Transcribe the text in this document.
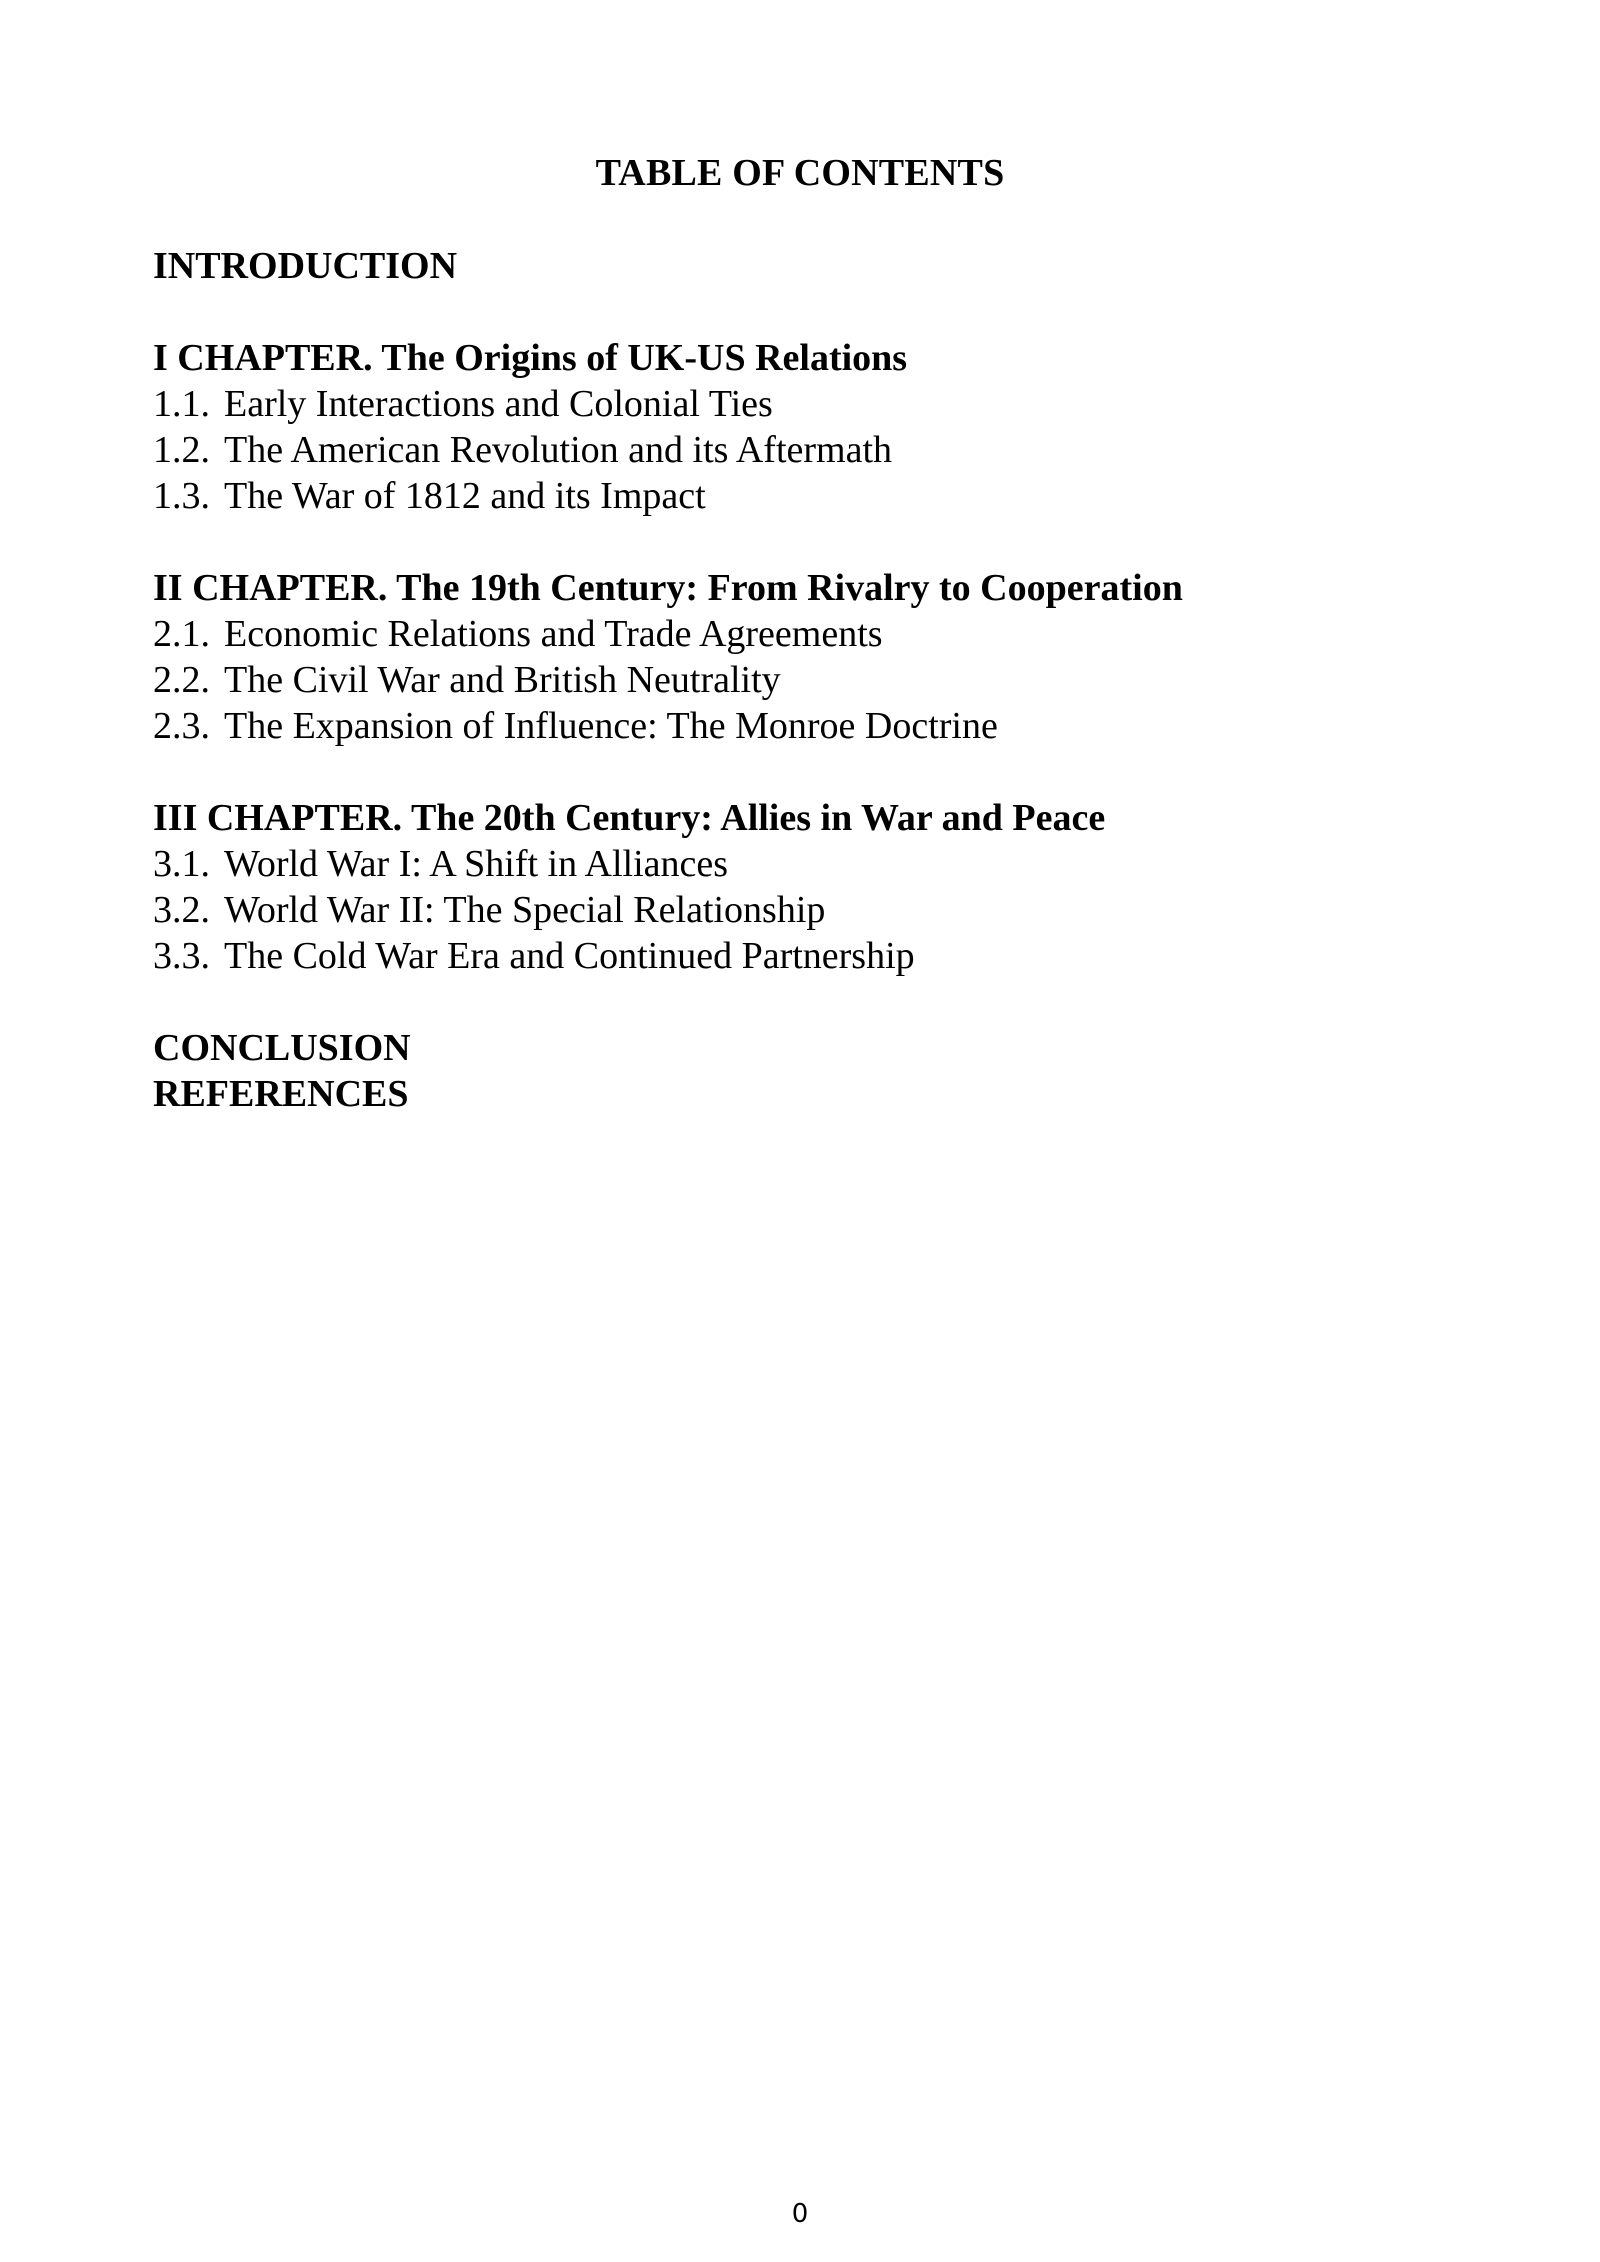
TABLE OF CONTENTS
INTRODUCTION
I CHAPTER. The Origins of UK-US Relations
1.1. Early Interactions and Colonial Ties
1.2. The American Revolution and its Aftermath
1.3. The War of 1812 and its Impact
II CHAPTER. The 19th Century: From Rivalry to Cooperation
2.1. Economic Relations and Trade Agreements
2.2. The Civil War and British Neutrality
2.3. The Expansion of Influence: The Monroe Doctrine
III CHAPTER. The 20th Century: Allies in War and Peace
3.1. World War I: A Shift in Alliances
3.2. World War II: The Special Relationship
3.3. The Cold War Era and Continued Partnership
CONCLUSION
REFERENCES
0
